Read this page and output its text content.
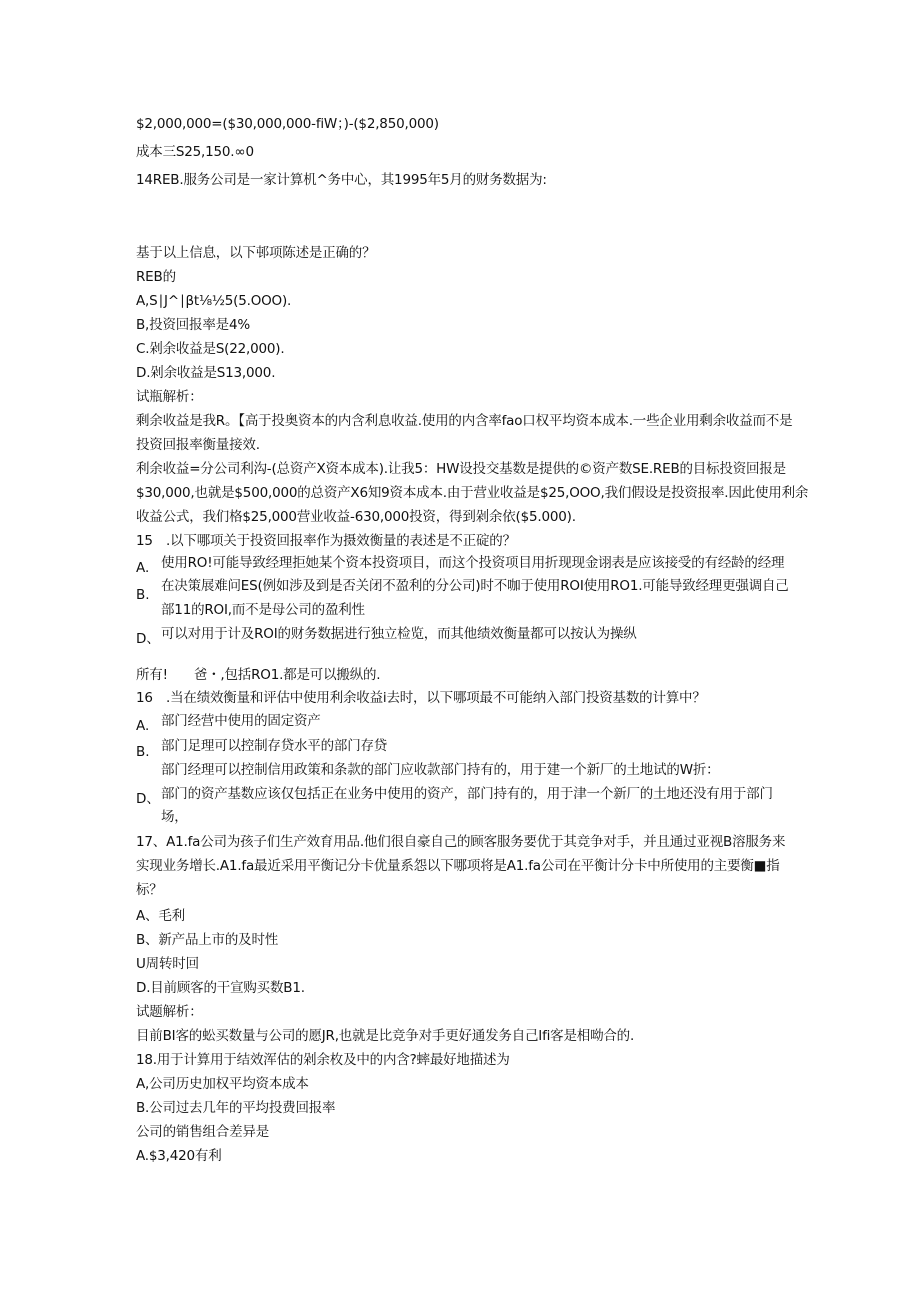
$2,000,000=($30,000,000-fiW；)-($2,850,000)
成本三S25,150.∞0
14REB.服务公司是一家计算机^务中心，其1995年5月的财务数据为:
基于以上信息，以下邨项陈述是正确的？
REB的
A,S∣J^∣βt⅛½5(5.OOO).
B,投资回报率是4%
C.剁余收益是S(22,000).
D.剁余收益是S13,000.
试瓶解析：
剩余收益是我R。【高于投奥资本的内含利息收益.使用的内含率fao口权平均资本成本.一些企业用剩余收益而不是
投资回报率衡量接效.
利余收益=分公司利沟-(总资产X资本成本).让我5：HW设投交基数是提供的©资产数SE.REB的目标投资回报是
$30,000,也就是$500,000的总资产X6知9资本成本.由于营业收益是$25,OOO,我们假设是投资报率.因此使用利余
收益公式，我们格$25,000营业收益-630,000投资，得到剁余依($5.000).
15 .以下哪项关于投资回报率作为摄效衡量的表述是不正碇的？
A. 使用RO!可能导致经理拒她某个资本投资项目，而这个投资项目用折现现金诩表是应该接受的有经龄的经理
B.
在决策展难问ES(例如涉及到是否关闭不盈利的分公司)时不咖于使用ROI使用RO1.可能导致经理更强调自己
部11的ROI,而不是母公司的盈利性
D、 可以对用于计及ROI的财务数据进行独立检览，而其他绩效衡量都可以按认为操纵
所有! 爸・,包括RO1.都是可以搬纵的.
16 .当在绩效衡量和评估中使用利余收益i去时，以下哪项最不可能纳入部门投资基数的计算中？
A. 部门经营中使用的固定资产
B. 部门足理可以控制存贷水平的部门存贷
部门经理可以控制信用政策和条款的部门应收款部门持有的，用于建一个新厂的土地试的W折：
D、 部门的资产基数应该仅包括正在业务中使用的资产，部门持有的，用于津一个新厂的土地还没有用于部门
场，
17、A1.fa公司为孩子们生产效育用品.他们很自豪自己的顾客服务要优于其竞争对手，并且通过亚视B溶服务来
实现业务增长.A1.fa最近采用平衡记分卡优量系怨以下哪项将是A1.fa公司在平衡计分卡中所使用的主要衡■指
标？
A、毛利
B、新产品上市的及时性
U周转时回
D.目前顾客的干宣购买数B1.
试题解析：
目前BI客的蚣买数量与公司的愿JR,也就是比竞争对手更好通发务自己Ifi客是相呦合的.
18.用于计算用于结效浑估的剁余枚及中的内含?蟀最好地描述为
A,公司历史加权平均资本成本
B.公司过去几年的平均投费回报率
公司的销售组合差异是
A.$3,420有利
